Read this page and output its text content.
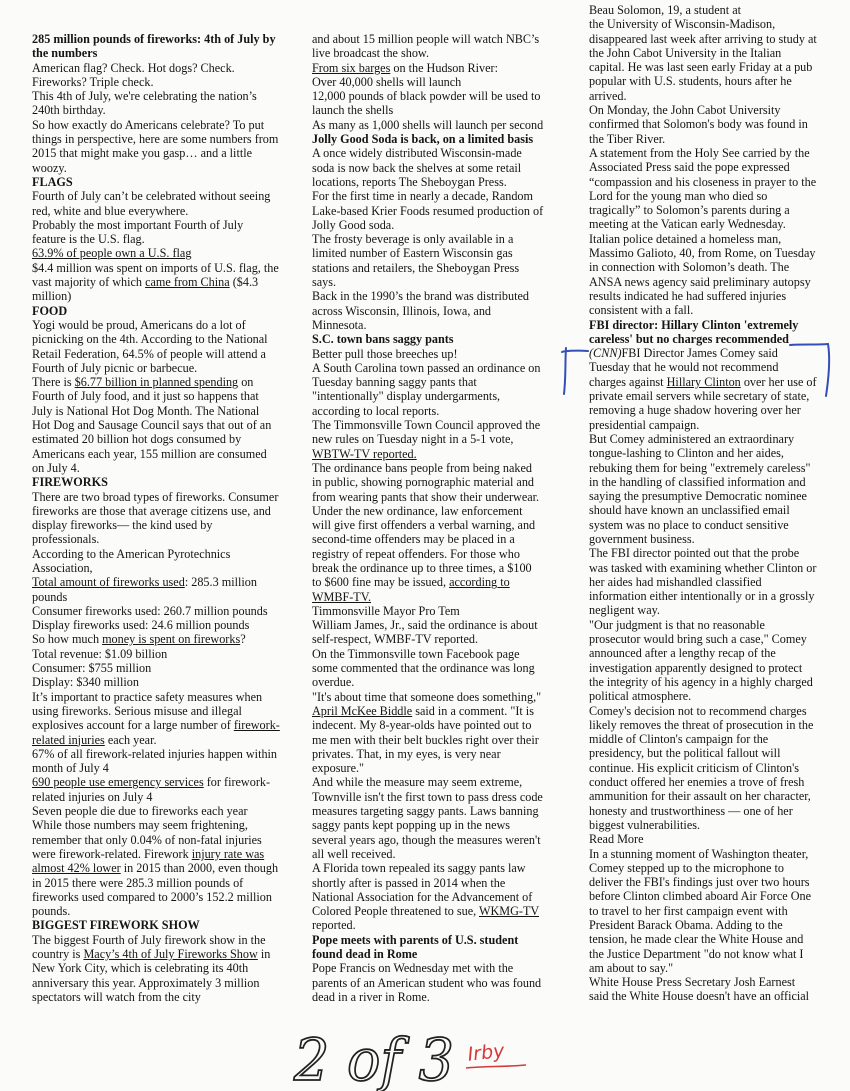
285 million pounds of fireworks: 4th of July by the numbers

American flag? Check. Hot dogs? Check. Fireworks? Triple check.

This 4th of July, we're celebrating the nation’s 240th birthday.

So how exactly do Americans celebrate? To put things in perspective, here are some numbers from 2015 that might make you gasp… and a little woozy.

FLAGS

Fourth of July can’t be celebrated without seeing red, white and blue everywhere.

Probably the most important Fourth of July feature is the U.S. flag.

63.9% of people own a U.S. flag

$4.4 million was spent on imports of U.S. flag, the vast majority of which came from China ($4.3 million)

FOOD

Yogi would be proud, Americans do a lot of picnicking on the 4th. According to the National Retail Federation, 64.5% of people will attend a Fourth of July picnic or barbecue.

There is $6.77 billion in planned spending on Fourth of July food, and it just so happens that July is National Hot Dog Month. The National Hot Dog and Sausage Council says that out of an estimated 20 billion hot dogs consumed by Americans each year, 155 million are consumed on July 4.

FIREWORKS

There are two broad types of fireworks. Consumer fireworks are those that average citizens use, and display fireworks— the kind used by professionals.

According to the American Pyrotechnics Association,

Total amount of fireworks used: 285.3 million pounds

Consumer fireworks used: 260.7 million pounds

Display fireworks used: 24.6 million pounds

So how much money is spent on fireworks?

Total revenue: $1.09 billion

Consumer: $755 million

Display: $340 million

It’s important to practice safety measures when using fireworks. Serious misuse and illegal explosives account for a large number of firework-related injuries each year.

67% of all firework-related injuries happen within month of July 4

690 people use emergency services for firework-related injuries on July 4

Seven people die due to fireworks each year

While those numbers may seem frightening, remember that only 0.04% of non-fatal injuries were firework-related. Firework injury rate was almost 42% lower in 2015 than 2000, even though in 2015 there were 285.3 million pounds of fireworks used compared to 2000’s 152.2 million pounds.

BIGGEST FIREWORK SHOW

The biggest Fourth of July firework show in the country is Macy’s 4th of July Fireworks Show in New York City, which is celebrating its 40th anniversary this year. Approximately 3 million spectators will watch from the city

and about 15 million people will watch NBC’s live broadcast the show.

From six barges on the Hudson River:

Over 40,000 shells will launch

12,000 pounds of black powder will be used to launch the shells

As many as 1,000 shells will launch per second

Jolly Good Soda is back, on a limited basis

A once widely distributed Wisconsin-made soda is now back the shelves at some retail locations, reports The Sheboygan Press.

For the first time in nearly a decade, Random Lake-based Krier Foods resumed production of Jolly Good soda.

The frosty beverage is only available in a limited number of Eastern Wisconsin gas stations and retailers, the Sheboygan Press says.

Back in the 1990’s the brand was distributed across Wisconsin, Illinois, Iowa, and Minnesota.

S.C. town bans saggy pants

Better pull those breeches up!

A South Carolina town passed an ordinance on Tuesday banning saggy pants that "intentionally" display undergarments, according to local reports.

The Timmonsville Town Council approved the new rules on Tuesday night in a 5-1 vote, WBTW-TV reported.

The ordinance bans people from being naked in public, showing pornographic material and from wearing pants that show their underwear.

Under the new ordinance, law enforcement will give first offenders a verbal warning, and second-time offenders may be placed in a registry of repeat offenders. For those who break the ordinance up to three times, a $100 to $600 fine may be issued, according to WMBF-TV.

Timmonsville Mayor Pro Tem

William James, Jr., said the ordinance is about self-respect, WMBF-TV reported.

On the Timmonsville town Facebook page some commented that the ordinance was long overdue.

"It's about time that someone does something," April McKee Biddle said in a comment. "It is indecent. My 8-year-olds have pointed out to me men with their belt buckles right over their privates. That, in my eyes, is very near exposure."

And while the measure may seem extreme, Townville isn't the first town to pass dress code measures targeting saggy pants. Laws banning saggy pants kept popping up in the news several years ago, though the measures weren't all well received.

A Florida town repealed its saggy pants law shortly after is passed in 2014 when the National Association for the Advancement of Colored People threatened to sue, WKMG-TV reported.

Pope meets with parents of U.S. student found dead in Rome

Pope Francis on Wednesday met with the parents of an American student who was found dead in a river in Rome.

Beau Solomon, 19, a student at

the University of Wisconsin-Madison, disappeared last week after arriving to study at the John Cabot University in the Italian capital. He was last seen early Friday at a pub popular with U.S. students, hours after he arrived.

On Monday, the John Cabot University confirmed that Solomon's body was found in the Tiber River.

A statement from the Holy See carried by the Associated Press said the pope expressed “compassion and his closeness in prayer to the Lord for the young man who died so tragically” to Solomon’s parents during a meeting at the Vatican early Wednesday.

Italian police detained a homeless man, Massimo Galioto, 40, from Rome, on Tuesday in connection with Solomon’s death. The ANSA news agency said preliminary autopsy results indicated he had suffered injuries consistent with a fall.

FBI director: Hillary Clinton 'extremely careless' but no charges recommended

(CNN)FBI Director James Comey said Tuesday that he would not recommend charges against Hillary Clinton over her use of private email servers while secretary of state, removing a huge shadow hovering over her presidential campaign.

But Comey administered an extraordinary tongue-lashing to Clinton and her aides, rebuking them for being "extremely careless" in the handling of classified information and saying the presumptive Democratic nominee should have known an unclassified email system was no place to conduct sensitive government business.

The FBI director pointed out that the probe was tasked with examining whether Clinton or her aides had mishandled classified information either intentionally or in a grossly negligent way.

"Our judgment is that no reasonable prosecutor would bring such a case," Comey announced after a lengthy recap of the investigation apparently designed to protect the integrity of his agency in a highly charged political atmosphere.

Comey's decision not to recommend charges likely removes the threat of prosecution in the middle of Clinton's campaign for the presidency, but the political fallout will continue. His explicit criticism of Clinton's conduct offered her enemies a trove of fresh ammunition for their assault on her character, honesty and trustworthiness — one of her biggest vulnerabilities.

Read More

In a stunning moment of Washington theater, Comey stepped up to the microphone to deliver the FBI's findings just over two hours before Clinton climbed aboard Air Force One to travel to her first campaign event with President Barack Obama. Adding to the tension, he made clear the White House and the Justice Department "do not know what I am about to say."

White House Press Secretary Josh Earnest said the White House doesn't have an official

2 of 3 Irby
